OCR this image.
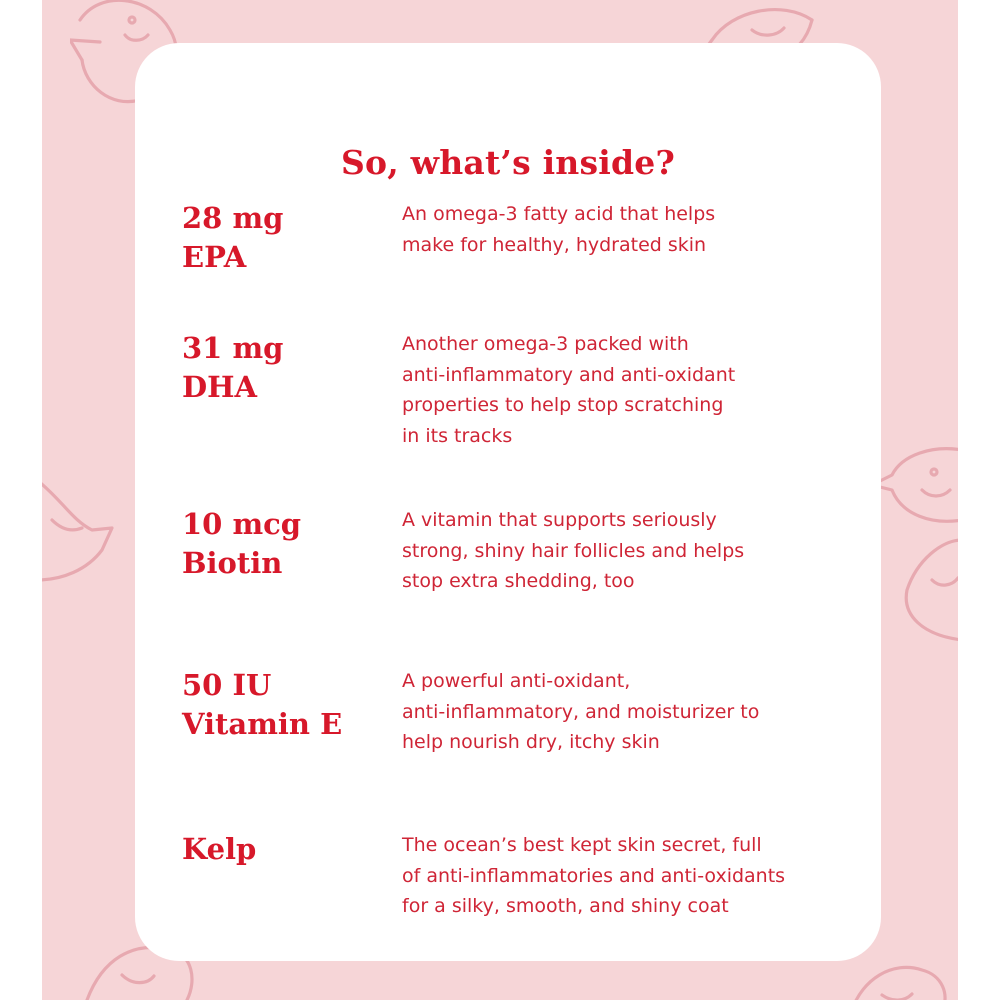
So, what’s inside?
28 mg
EPA
An omega-3 fatty acid that helps
make for healthy, hydrated skin
31 mg
DHA
Another omega-3 packed with
anti-inflammatory and anti-oxidant
properties to help stop scratching
in its tracks
10 mcg
Biotin
A vitamin that supports seriously
strong, shiny hair follicles and helps
stop extra shedding, too
50 IU
Vitamin E
A powerful anti-oxidant,
anti-inflammatory, and moisturizer to
help nourish dry, itchy skin
Kelp	The ocean’s best kept skin secret, full
of anti-inflammatories and anti-oxidants
for a silky, smooth, and shiny coat
